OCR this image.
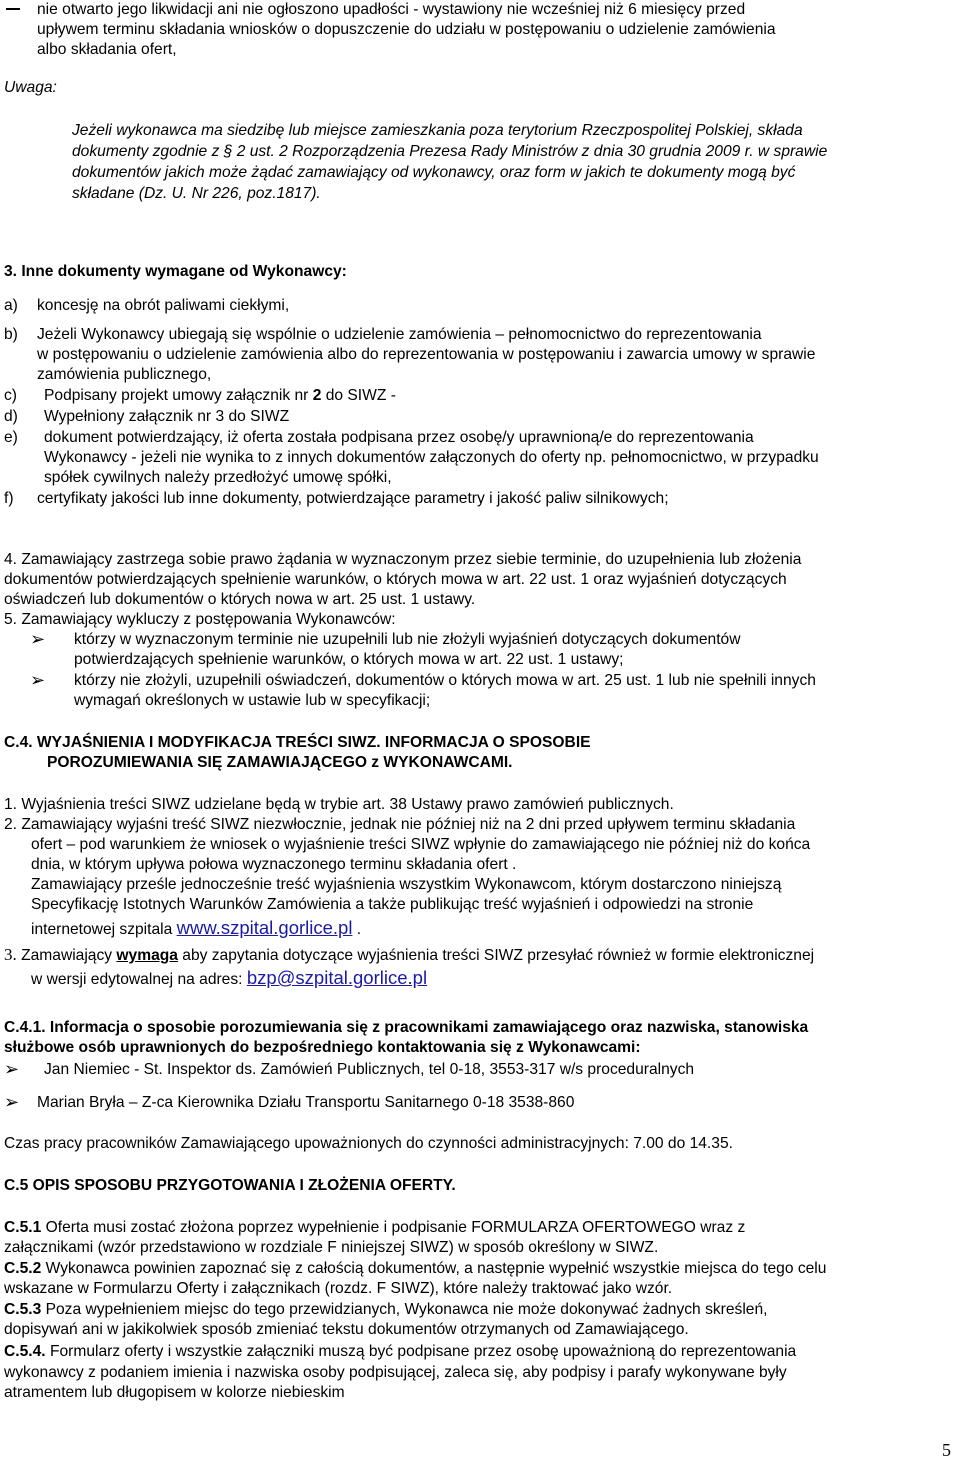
nie otwarto jego likwidacji ani nie ogłoszono upadłości - wystawiony nie wcześniej niż 6 miesięcy przed
upływem terminu składania wniosków o dopuszczenie do udziału w postępowaniu o udzielenie zamówienia
albo składania ofert,
Uwaga:
Jeżeli wykonawca ma siedzibę lub miejsce zamieszkania poza terytorium Rzeczpospolitej Polskiej, składa
dokumenty zgodnie z § 2 ust. 2 Rozporządzenia Prezesa Rady Ministrów z dnia 30 grudnia 2009 r. w sprawie
dokumentów jakich może żądać zamawiający od wykonawcy, oraz form w jakich te dokumenty mogą być
składane (Dz. U. Nr 226, poz.1817).
3. Inne dokumenty wymagane od Wykonawcy:
a) koncesję na obrót paliwami ciekłymi,
b) Jeżeli Wykonawcy ubiegają się wspólnie o udzielenie zamówienia – pełnomocnictwo do reprezentowania
w postępowaniu o udzielenie zamówienia albo do reprezentowania w postępowaniu i zawarcia umowy w sprawie
zamówienia publicznego,
c) Podpisany projekt umowy załącznik nr 2 do SIWZ -
d) Wypełniony załącznik nr 3 do SIWZ
e) dokument potwierdzający, iż oferta została podpisana przez osobę/y uprawnioną/e do reprezentowania
Wykonawcy - jeżeli nie wynika to z innych dokumentów załączonych do oferty np. pełnomocnictwo, w przypadku
spółek cywilnych należy przedłożyć umowę spółki,
f) certyfikaty jakości lub inne dokumenty, potwierdzające parametry i jakość paliw silnikowych;
4. Zamawiający zastrzega sobie prawo żądania w wyznaczonym przez siebie terminie, do uzupełnienia lub złożenia
dokumentów potwierdzających spełnienie warunków, o których mowa w art. 22 ust. 1 oraz wyjaśnień dotyczących
oświadczeń lub dokumentów o których nowa w art. 25 ust. 1 ustawy.
5. Zamawiający wykluczy z postępowania Wykonawców:
➢ którzy w wyznaczonym terminie nie uzupełnili lub nie złożyli wyjaśnień dotyczących dokumentów
potwierdzających spełnienie warunków, o których mowa w art. 22 ust. 1 ustawy;
➢ którzy nie złożyli, uzupełnili oświadczeń, dokumentów o których mowa w art. 25 ust. 1 lub nie spełnili innych
wymagań określonych w ustawie lub w specyfikacji;
C.4. WYJAŚNIENIA I MODYFIKACJA TREŚCI SIWZ. INFORMACJA O SPOSOBIE
POROZUMIEWANIA SIĘ ZAMAWIAJĄCEGO z WYKONAWCAMI.
1. Wyjaśnienia treści SIWZ udzielane będą w trybie art. 38 Ustawy prawo zamówień publicznych.
2. Zamawiający wyjaśni treść SIWZ niezwłocznie, jednak nie później niż na 2 dni przed upływem terminu składania
ofert – pod warunkiem że wniosek o wyjaśnienie treści SIWZ wpłynie do zamawiającego nie później niż do końca
dnia, w którym upływa połowa wyznaczonego terminu składania ofert .
Zamawiający prześle jednocześnie treść wyjaśnienia wszystkim Wykonawcom, którym dostarczono niniejszą
Specyfikację Istotnych Warunków Zamówienia a także publikując treść wyjaśnień i odpowiedzi na stronie
internetowej szpitala www.szpital.gorlice.pl .
3. Zamawiający wymaga aby zapytania dotyczące wyjaśnienia treści SIWZ przesyłać również w formie elektronicznej
w wersji edytowalnej na adres: bzp@szpital.gorlice.pl
C.4.1. Informacja o sposobie porozumiewania się z pracownikami zamawiającego oraz nazwiska, stanowiska
służbowe osób uprawnionych do bezpośredniego kontaktowania się z Wykonawcami:
➢ Jan Niemiec - St. Inspektor ds. Zamówień Publicznych, tel 0-18, 3553-317 w/s proceduralnych
➢ Marian Bryła – Z-ca Kierownika Działu Transportu Sanitarnego 0-18 3538-860
Czas pracy pracowników Zamawiającego upoważnionych do czynności administracyjnych: 7.00 do 14.35.
C.5 OPIS SPOSOBU PRZYGOTOWANIA I ZŁOŻENIA OFERTY.
C.5.1 Oferta musi zostać złożona poprzez wypełnienie i podpisanie FORMULARZA OFERTOWEGO wraz z
załącznikami (wzór przedstawiono w rozdziale F niniejszej SIWZ) w sposób określony w SIWZ.
C.5.2 Wykonawca powinien zapoznać się z całością dokumentów, a następnie wypełnić wszystkie miejsca do tego celu
wskazane w Formularzu Oferty i załącznikach (rozdz. F SIWZ), które należy traktować jako wzór.
C.5.3 Poza wypełnieniem miejsc do tego przewidzianych, Wykonawca nie może dokonywać żadnych skreśleń,
dopisywań ani w jakikolwiek sposób zmieniać tekstu dokumentów otrzymanych od Zamawiającego.
C.5.4. Formularz oferty i wszystkie załączniki muszą być podpisane przez osobę upoważnioną do reprezentowania
wykonawcy z podaniem imienia i nazwiska osoby podpisującej, zaleca się, aby podpisy i parafy wykonywane były
atramentem lub długopisem w kolorze niebieskim
5
